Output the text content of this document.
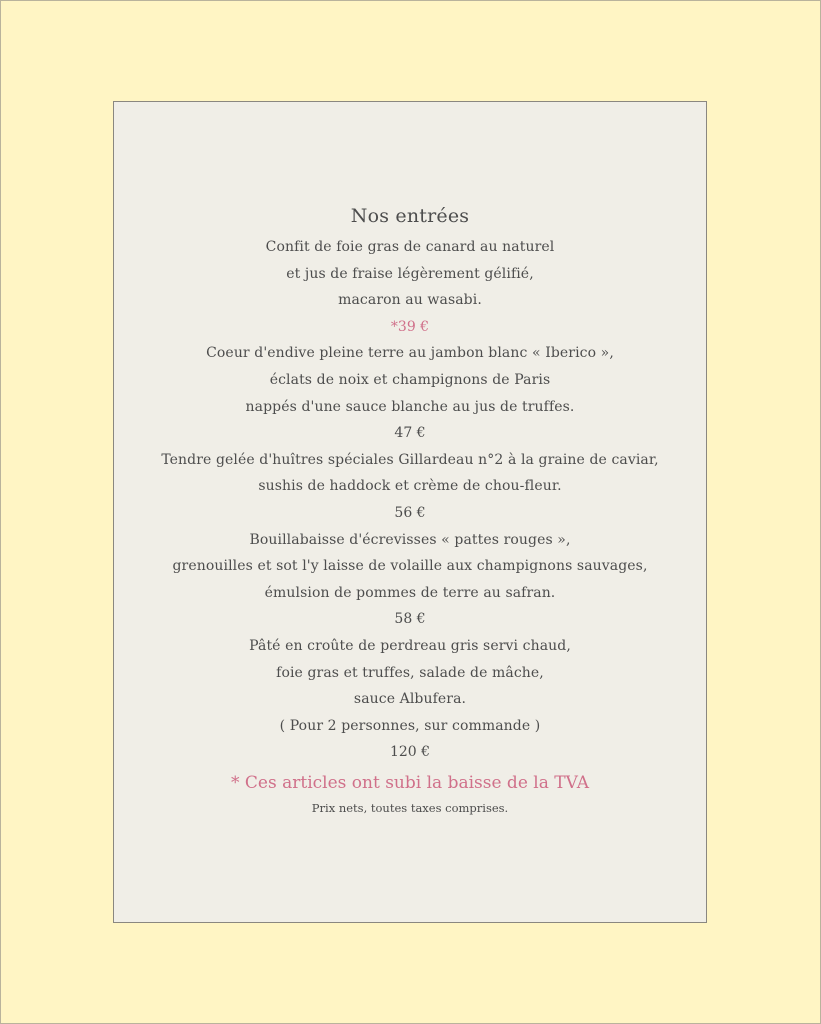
Nos entrées
Confit de foie gras de canard au naturel
et jus de fraise légèrement gélifié,
macaron au wasabi.
*39 €
Coeur d'endive pleine terre au jambon blanc « Iberico »,
éclats de noix et champignons de Paris
nappés d'une sauce blanche au jus de truffes.
47 €
Tendre gelée d'huîtres spéciales Gillardeau n°2 à la graine de caviar,
sushis de haddock et crème de chou-fleur.
56 €
Bouillabaisse d'écrevisses « pattes rouges »,
grenouilles et sot l'y laisse de volaille aux champignons sauvages,
émulsion de pommes de terre au safran.
58 €
Pâté en croûte de perdreau gris servi chaud,
foie gras et truffes, salade de mâche,
sauce Albufera.
( Pour 2 personnes, sur commande )
120 €
* Ces articles ont subi la baisse de la TVA
Prix nets, toutes taxes comprises.
